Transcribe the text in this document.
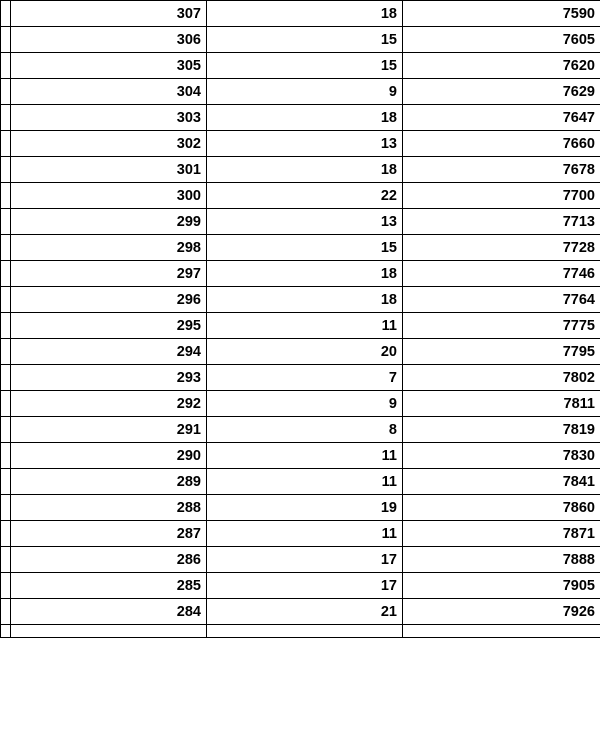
	307	18	7590
	306	15	7605
	305	15	7620
	304	9	7629
	303	18	7647
	302	13	7660
	301	18	7678
	300	22	7700
	299	13	7713
	298	15	7728
	297	18	7746
	296	18	7764
	295	11	7775
	294	20	7795
	293	7	7802
	292	9	7811
	291	8	7819
	290	11	7830
	289	11	7841
	288	19	7860
	287	11	7871
	286	17	7888
	285	17	7905
	284	21	7926
